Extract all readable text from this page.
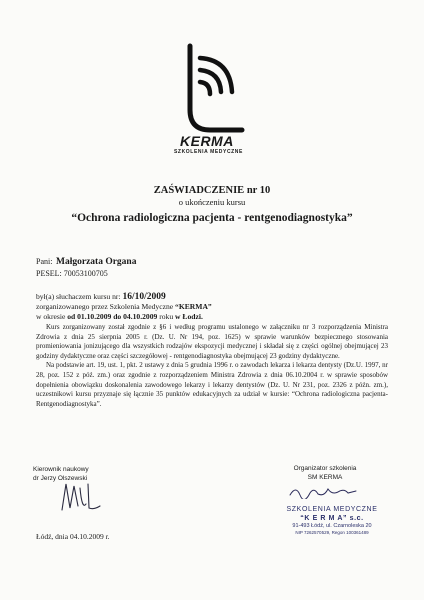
KERMA
SZKOLENIA MEDYCZNE

ZAŚWIADCZENIE nr 10

o ukończeniu kursu

“Ochrona radiologiczna pacjenta - rentgenodiagnostyka”

Pani: Małgorzata Organa
PESEL: 70053100705
był(a) słuchaczem kursu nr: 16/10/2009
zorganizowanego przez Szkolenia Medyczne “KERMA”
w okresie od 01.10.2009 do 04.10.2009 roku w Łodzi.

Kurs zorganizowany został zgodnie z §6 i według programu ustalonego w załączniku nr 3 rozporządzenia Ministra Zdrowia z dnia 25 sierpnia 2005 r. (Dz. U. Nr 194, poz. 1625) w sprawie warunków bezpiecznego stosowania promieniowania jonizującego dla wszystkich rodzajów ekspozycji medycznej i składał się z części ogólnej obejmującej 23 godziny dydaktyczne oraz części szczegółowej - rentgenodiagnostyka obejmującej 23 godziny dydaktyczne.

Na podstawie art. 19, ust. 1, pkt. 2 ustawy z dnia 5 grudnia 1996 r. o zawodach lekarza i lekarza dentysty (Dz.U. 1997, nr 28, poz. 152 z póź. zm.) oraz zgodnie z rozporządzeniem Ministra Zdrowia z dnia 06.10.2004 r. w sprawie sposobów dopełnienia obowiązku doskonalenia zawodowego lekarzy i lekarzy dentystów (Dz. U. Nr 231, poz. 2326 z późn. zm.), uczestnikowi kursu przyznaje się łącznie 35 punktów edukacyjnych za udział w kursie: “Ochrona radiologiczna pacjenta-Rentgenodiagnostyka”.

Kierownik naukowy
dr Jerzy Olszewski
Organizator szkolenia
SM KERMA
SZKOLENIA MEDYCZNE
“K E R M A” s.c.
91-493 Łódź, ul. Czarnoleska 20
NIP 7262570529, Regon 100361489
Łódź, dnia 04.10.2009 r.
